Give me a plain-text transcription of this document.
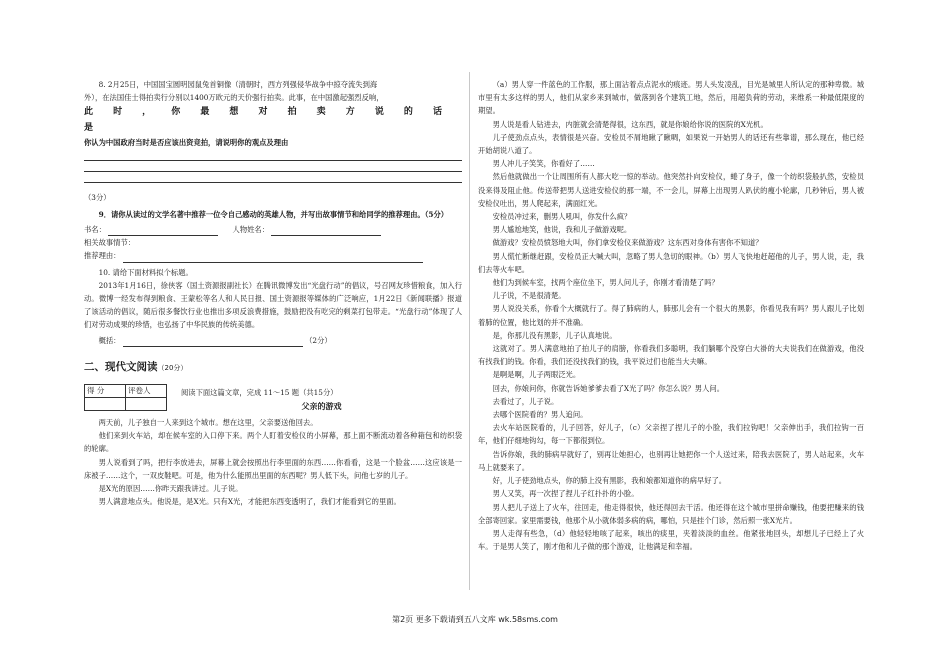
8. 2月25日，中国国宝圆明园鼠兔首铜像（清朝时，西方列强侵华战争中掠夺流失到海

外），在法国佳士得拍卖行分别以1400万欧元的天价强行拍卖。此事，在中国激起强烈反响，

此时，你最想对拍卖方说的话是

你认为中国政府当时是否应该出资竞拍，请说明你的观点及理由

（3分）

9．请你从读过的文学名著中推荐一位令自己感动的英雄人物，并写出故事情节和给同学的推荐理由。（5分）

书名：	人物姓名：

相关故事情节：

推荐理由：

10. 请给下面材料拟个标题。

2013年1月16日，徐侠客（国土资源报副社长）在腾讯微博发出“光盘行动”的倡议，号召网友珍惜粮食，加入行动。微博一经发布得到粮食、王蒙松等名人和人民日报、国土资源报等媒体的广泛响应，1月22日《新闻联播》报道了该活动的倡议，随后很多餐饮行业也推出多项反浪费措施，鼓励把没有吃完的剩菜打包带走。“光盘行动”体现了人们对劳动成果的珍惜，也弘扬了中华民族的传统美德。

概括：	（2分）

二、现代文阅读（20分）
得 分	评卷人
		阅读下面这篇文章，完成 11～15 题（共15分）

父亲的游戏

两天前，儿子独自一人来到这个城市。想在这里，父亲要送他回去。

他们来到火车站，却在候车室的入口停下来。两个人盯着安检仪的小屏幕，那上面不断流动着各种箱包和纺织袋的轮廓。

男人说看到了吗，把行李放进去，屏幕上就会按照出行李里面的东西……你看看，这是一个脸盆……这应该是一床被子……这个，一双皮鞋吧。可是，他为什么能照出里面的东西呢？男人低下头，问他七岁的儿子。

是X光的原因……你昨天跟我讲过。儿子说。

男人满意地点头。他说是，是X光。只有X光，才能把东西变透明了，我们才能看到它的里面。

（a）男人穿一件蓝色的工作服，那上面沾着点点泥水的痕迹。男人头发凌乱，目光是城里人所认定的那种卑微。城市里有太多这样的男人，他们从家乡来到城市，做落到各个建筑工地，然后，用超负荷的劳动，来维系一种最低限度的期望。

男人说是看人钻进去，内脏就会清楚得很，这东西，就是你娘给你说的医院的X光机。

儿子使劲点点头，表情很是兴奋。安检员不屑地瞅了瞅啁，如果说一开始男人的话还有些靠谱，那么现在，他已经开始胡说八道了。

男人冲儿子笑笑，你看好了……

然后他就做出一个让周围所有人都大吃一惊的举动。他突然扑向安检仪，蜷了身子，像一个纺织袋般扒然，安检员没来得及阻止他。传送带把男人送进安检仪的那一端，不一会儿，屏幕上出现男人趴伏的瘦小轮廓，几秒钟后，男人被安检仪吐出，男人爬起来，满面红光。

安检员冲过来，删男人吼叫，你发什么疯？

男人尴尬地笑，他说，我和儿子做游戏呢。

做游戏？安检员愤怒地大叫，你们拿安检仪来做游戏？这东西对身体有害你不知道？

男人慌忙断继赶跟，安检员正大喊大叫，忽略了男人急切的眼神。（b）男人飞快地赶超他的儿子，男人说，走，我们去等火车吧。

他们为到候车室，找两个座位坐下，男人问儿子，你刚才看清楚了吗？

儿子说，不是很清楚。

男人说没关系，你看个大概就行了。得了肺病的人，肺那儿会有一个很大的黑影，你看见我有吗？男人跟儿子比划着肺的位置，他比划的并不准确。

是，你那儿没有黑影，儿子认真地说。

这就对了。男人满意地拍了拍儿子的肩膀，你看我们多聪明，我们躺哪个没穿白大褂的大夫说我们在做游戏，他没有找我们的钱。你看，我们还没找我们的钱，我平说过们也能当大夫嘛。

是啊是啊，儿子两眼泛光。

回去，你娘问你，你就告诉她爹爹去看了X光了吗？你怎么说？男人问。

去看过了，儿子说。

去哪个医院看的？男人追问。

去火车站医院看的，儿子回答，好儿子，（c）父亲捏了捏儿子的小脸，我们拉钩吧！父亲伸出手，我们拉钩一百年，他们仔细地钩勾，每一下都很到位。

告诉你娘，我的肺病早就好了，别再让她担心，也别再让她把你一个人送过来，陪我去医院了，男人站起来，火车马上就要来了。

好，儿子使劲地点头，你的肺上没有黑影，我和娘都知道你的病早好了。

男人又笑，再一次捏了捏儿子红扑扑的小脸。

男人把儿子送上了火车，往回走，他走得很快，他还得回去干活。他还得在这个城市里拼命赚钱，他要把赚来的钱全部寄回家。家里需要钱，他那个从小就体弱多病的病，哪怕，只是挂个门诊，然后照一张X光片。

男人走得有些急，（d）他轻轻地咳了起来，咳出的痰里，夹着淡淡的血丝。他紧张地回头，却想儿子已经上了火车。于是男人笑了，刚才他和儿子做的那个游戏，让他满足和幸福。

第2页 更多下载请到五八文库 wk.58sms.com
